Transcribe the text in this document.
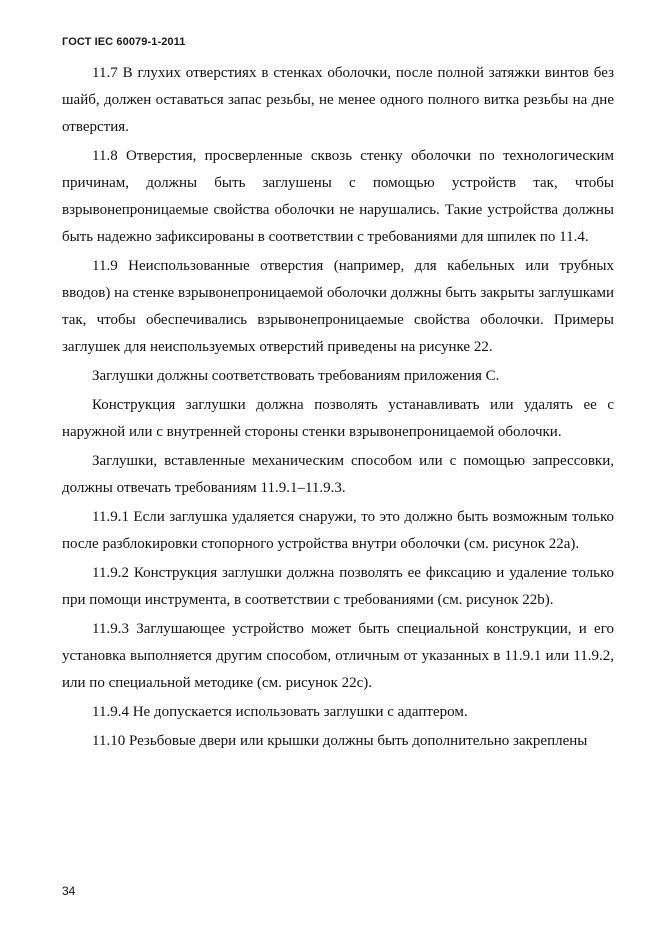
ГОСТ IEC 60079-1-2011

11.7 В глухих отверстиях в стенках оболочки, после полной затяжки винтов без шайб, должен оставаться запас резьбы, не менее одного полного витка резьбы на дне отверстия.

11.8 Отверстия, просверленные сквозь стенку оболочки по технологическим причинам, должны быть заглушены с помощью устройств так, чтобы взрывонепроницаемые свойства оболочки не нарушались. Такие устройства должны быть надежно зафиксированы в соответствии с требованиями для шпилек по 11.4.

11.9 Неиспользованные отверстия (например, для кабельных или трубных вводов) на стенке взрывонепроницаемой оболочки должны быть закрыты заглушками так, чтобы обеспечивались взрывонепроницаемые свойства оболочки. Примеры заглушек для неиспользуемых отверстий приведены на рисунке 22.

Заглушки должны соответствовать требованиям приложения С.

Конструкция заглушки должна позволять устанавливать или удалять ее с наружной или с внутренней стороны стенки взрывонепроницаемой оболочки.

Заглушки, вставленные механическим способом или с помощью запрессовки, должны отвечать требованиям 11.9.1–11.9.3.

11.9.1 Если заглушка удаляется снаружи, то это должно быть возможным только после разблокировки стопорного устройства внутри оболочки (см. рисунок 22а).

11.9.2 Конструкция заглушки должна позволять ее фиксацию и удаление только при помощи инструмента, в соответствии с требованиями (см. рисунок 22b).

11.9.3 Заглушающее устройство может быть специальной конструкции, и его установка выполняется другим способом, отличным от указанных в 11.9.1 или 11.9.2, или по специальной методике (см. рисунок 22с).

11.9.4 Не допускается использовать заглушки с адаптером.

11.10 Резьбовые двери или крышки должны быть дополнительно закреплены

34
